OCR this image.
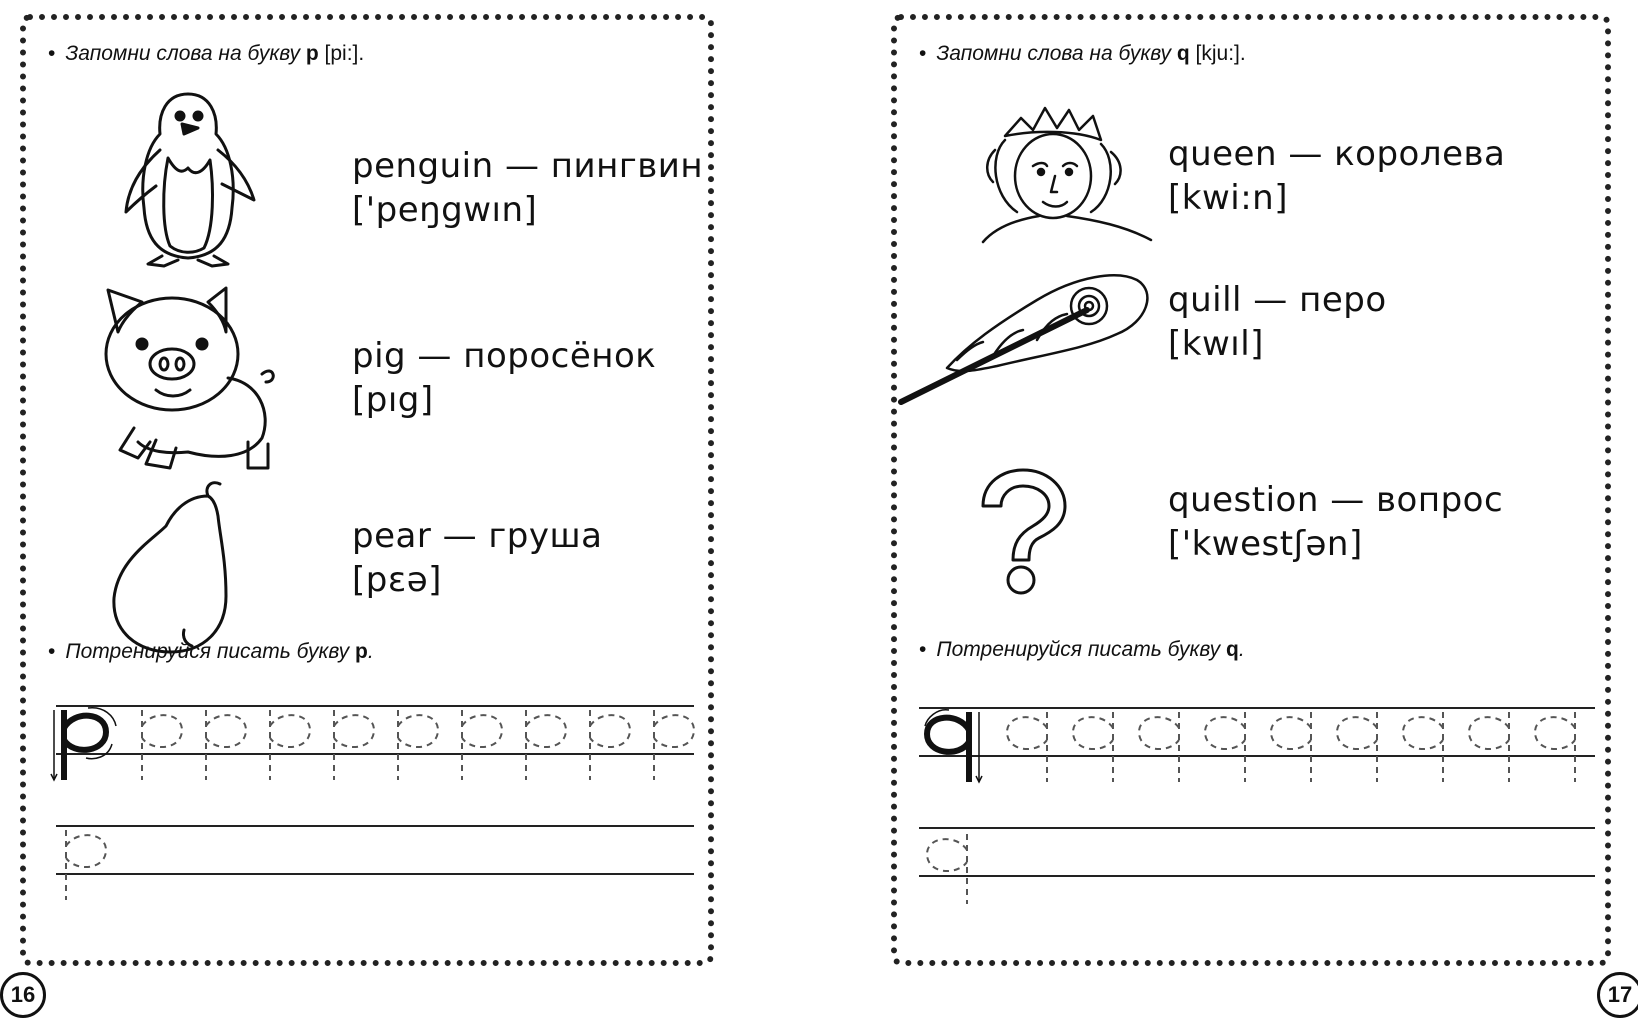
• Запомни слова на букву p [pi:].
penguin — пингвин
['peŋgwın]
pig — поросёнок
[pıg]
pear — груша
[pεə]
• Потренируйся писать букву p.
16
• Запомни слова на букву q [kju:].
queen — королева
[kwi:n]
quill — перо
[kwıl]
question — вопрос
['kwestʃən]
• Потренируйся писать букву q.
17
